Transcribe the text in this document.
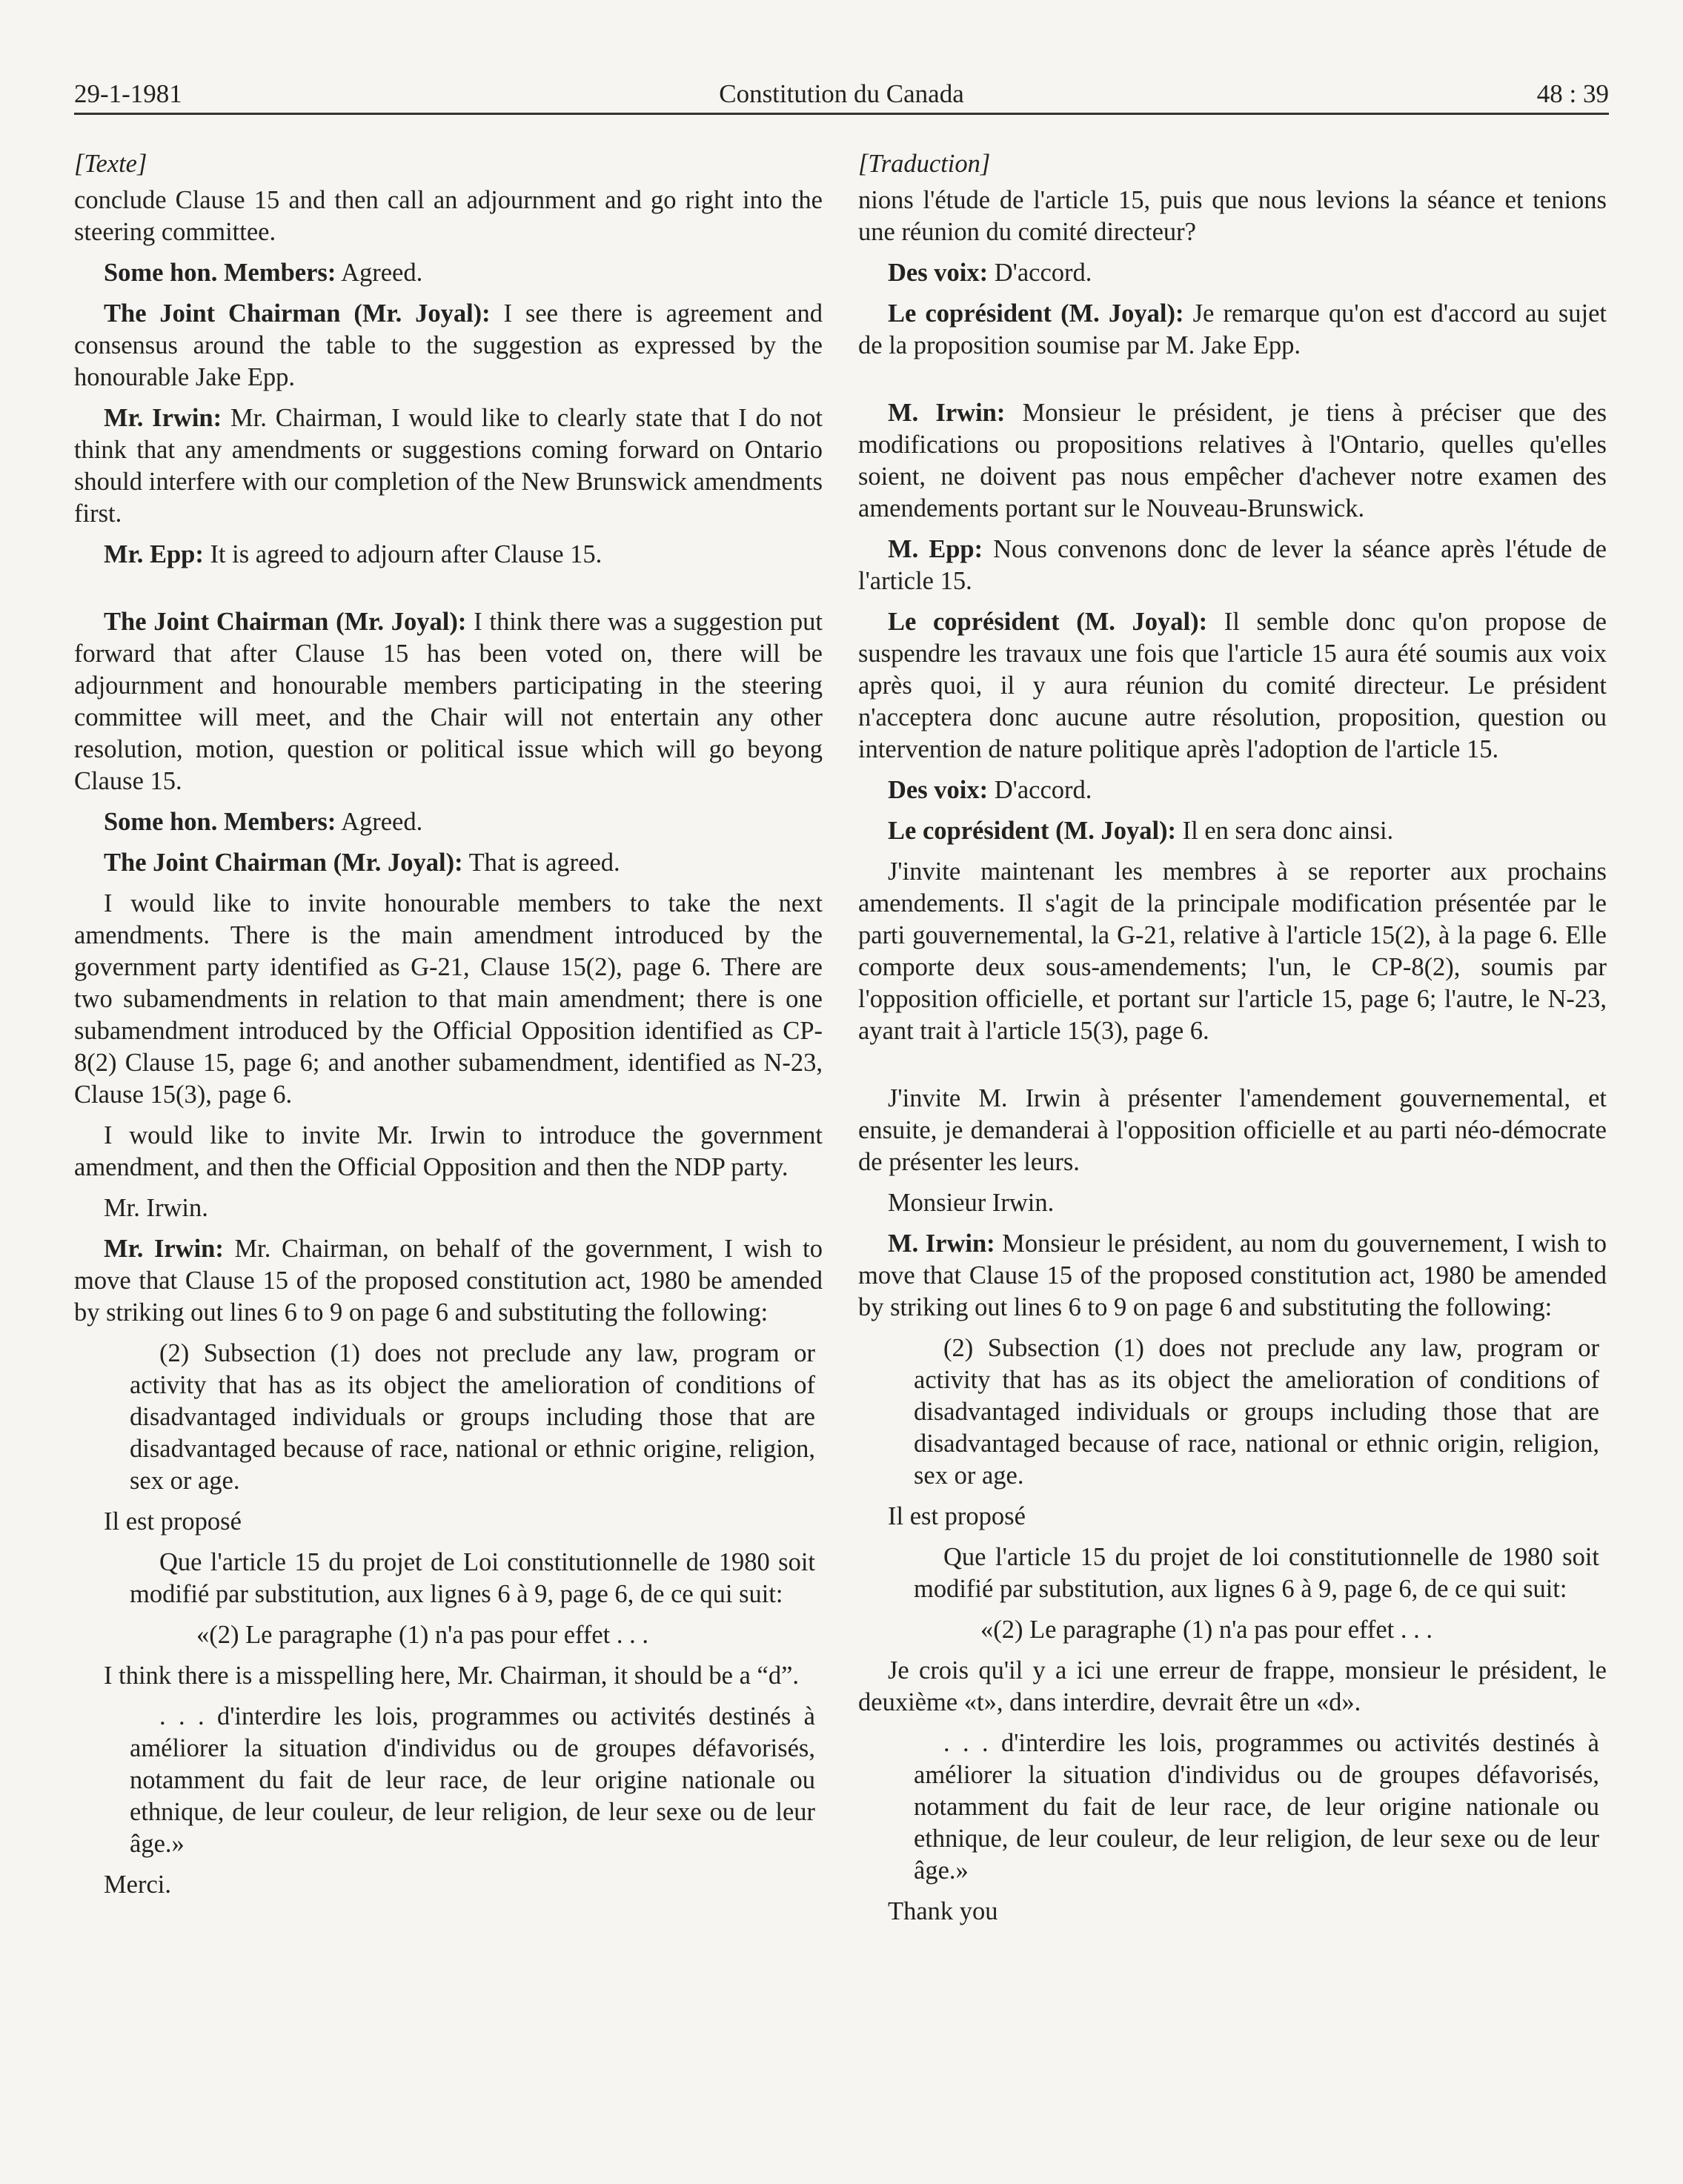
29-1-1981	Constitution du Canada	48 : 39

[Texte]

conclude Clause 15 and then call an adjournment and go right into the steering committee.

Some hon. Members: Agreed.

The Joint Chairman (Mr. Joyal): I see there is agreement and consensus around the table to the suggestion as expressed by the honourable Jake Epp.

Mr. Irwin: Mr. Chairman, I would like to clearly state that I do not think that any amendments or suggestions coming forward on Ontario should interfere with our completion of the New Brunswick amendments first.

Mr. Epp: It is agreed to adjourn after Clause 15.

The Joint Chairman (Mr. Joyal): I think there was a suggestion put forward that after Clause 15 has been voted on, there will be adjournment and honourable members participating in the steering committee will meet, and the Chair will not entertain any other resolution, motion, question or political issue which will go beyong Clause 15.

Some hon. Members: Agreed.

The Joint Chairman (Mr. Joyal): That is agreed.

I would like to invite honourable members to take the next amendments. There is the main amendment introduced by the government party identified as G-21, Clause 15(2), page 6. There are two subamendments in relation to that main amendment; there is one subamendment introduced by the Official Opposition identified as CP-8(2) Clause 15, page 6; and another subamendment, identified as N-23, Clause 15(3), page 6.

I would like to invite Mr. Irwin to introduce the government amendment, and then the Official Opposition and then the NDP party.

Mr. Irwin.

Mr. Irwin: Mr. Chairman, on behalf of the government, I wish to move that Clause 15 of the proposed constitution act, 1980 be amended by striking out lines 6 to 9 on page 6 and substituting the following:

(2) Subsection (1) does not preclude any law, program or activity that has as its object the amelioration of conditions of disadvantaged individuals or groups including those that are disadvantaged because of race, national or ethnic origine, religion, sex or age.

Il est proposé

Que l'article 15 du projet de Loi constitutionnelle de 1980 soit modifié par substitution, aux lignes 6 à 9, page 6, de ce qui suit:

«(2) Le paragraphe (1) n'a pas pour effet . . .

I think there is a misspelling here, Mr. Chairman, it should be a “d”.

. . . d'interdire les lois, programmes ou activités destinés à améliorer la situation d'individus ou de groupes défavorisés, notamment du fait de leur race, de leur origine nationale ou ethnique, de leur couleur, de leur religion, de leur sexe ou de leur âge.»

Merci.

[Traduction]

nions l'étude de l'article 15, puis que nous levions la séance et tenions une réunion du comité directeur?

Des voix: D'accord.

Le coprésident (M. Joyal): Je remarque qu'on est d'accord au sujet de la proposition soumise par M. Jake Epp.

M. Irwin: Monsieur le président, je tiens à préciser que des modifications ou propositions relatives à l'Ontario, quelles qu'elles soient, ne doivent pas nous empêcher d'achever notre examen des amendements portant sur le Nouveau-Brunswick.

M. Epp: Nous convenons donc de lever la séance après l'étude de l'article 15.

Le coprésident (M. Joyal): Il semble donc qu'on propose de suspendre les travaux une fois que l'article 15 aura été soumis aux voix après quoi, il y aura réunion du comité directeur. Le président n'acceptera donc aucune autre résolution, proposition, question ou intervention de nature politique après l'adoption de l'article 15.

Des voix: D'accord.

Le coprésident (M. Joyal): Il en sera donc ainsi.

J'invite maintenant les membres à se reporter aux prochains amendements. Il s'agit de la principale modification présentée par le parti gouvernemental, la G-21, relative à l'article 15(2), à la page 6. Elle comporte deux sous-amendements; l'un, le CP-8(2), soumis par l'opposition officielle, et portant sur l'article 15, page 6; l'autre, le N-23, ayant trait à l'article 15(3), page 6.

J'invite M. Irwin à présenter l'amendement gouvernemental, et ensuite, je demanderai à l'opposition officielle et au parti néo-démocrate de présenter les leurs.

Monsieur Irwin.

M. Irwin: Monsieur le président, au nom du gouvernement, I wish to move that Clause 15 of the proposed constitution act, 1980 be amended by striking out lines 6 to 9 on page 6 and substituting the following:

(2) Subsection (1) does not preclude any law, program or activity that has as its object the amelioration of conditions of disadvantaged individuals or groups including those that are disadvantaged because of race, national or ethnic origin, religion, sex or age.

Il est proposé

Que l'article 15 du projet de loi constitutionnelle de 1980 soit modifié par substitution, aux lignes 6 à 9, page 6, de ce qui suit:

«(2) Le paragraphe (1) n'a pas pour effet . . .

Je crois qu'il y a ici une erreur de frappe, monsieur le président, le deuxième «t», dans interdire, devrait être un «d».

. . . d'interdire les lois, programmes ou activités destinés à améliorer la situation d'individus ou de groupes défavorisés, notamment du fait de leur race, de leur origine nationale ou ethnique, de leur couleur, de leur religion, de leur sexe ou de leur âge.»

Thank you
